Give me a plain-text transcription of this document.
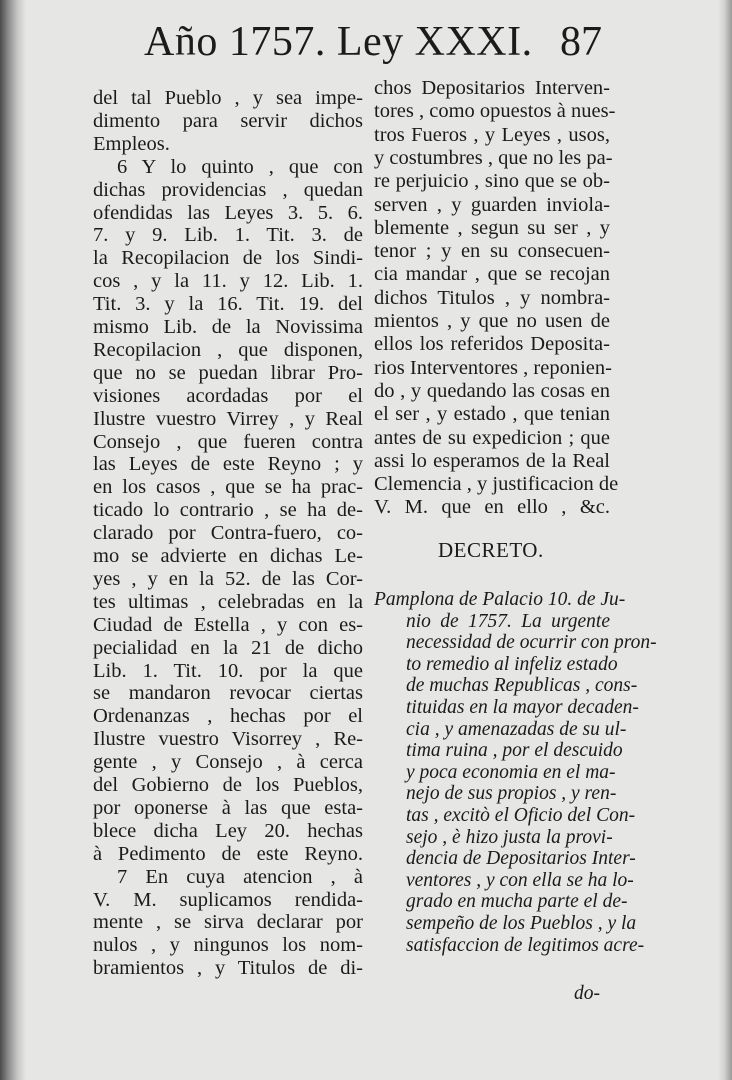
Año 1757. Ley XXXI. 87
del tal Pueblo , y sea impe-
dimento para servir dichos
Empleos.
6 Y lo quinto , que con
dichas providencias , quedan
ofendidas las Leyes 3. 5. 6.
7. y 9. Lib. 1. Tit. 3. de
la Recopilacion de los Sindi-
cos , y la 11. y 12. Lib. 1.
Tit. 3. y la 16. Tit. 19. del
mismo Lib. de la Novissima
Recopilacion , que disponen,
que no se puedan librar Pro-
visiones acordadas por el
Ilustre vuestro Virrey , y Real
Consejo , que fueren contra
las Leyes de este Reyno ; y
en los casos , que se ha prac-
ticado lo contrario , se ha de-
clarado por Contra-fuero, co-
mo se advierte en dichas Le-
yes , y en la 52. de las Cor-
tes ultimas , celebradas en la
Ciudad de Estella , y con es-
pecialidad en la 21 de dicho
Lib. 1. Tit. 10. por la que
se mandaron revocar ciertas
Ordenanzas , hechas por el
Ilustre vuestro Visorrey , Re-
gente , y Consejo , à cerca
del Gobierno de los Pueblos,
por oponerse à las que esta-
blece dicha Ley 20. hechas
à Pedimento de este Reyno.
7 En cuya atencion , à
V. M. suplicamos rendida-
mente , se sirva declarar por
nulos , y ningunos los nom-
bramientos , y Titulos de di-
chos Depositarios Interven-
tores , como opuestos à nues-
tros Fueros , y Leyes , usos,
y costumbres , que no les pa-
re perjuicio , sino que se ob-
serven , y guarden inviola-
blemente , segun su ser , y
tenor ; y en su consecuen-
cia mandar , que se recojan
dichos Titulos , y nombra-
mientos , y que no usen de
ellos los referidos Deposita-
rios Interventores , reponien-
do , y quedando las cosas en
el ser , y estado , que tenian
antes de su expedicion ; que
assi lo esperamos de la Real
Clemencia , y justificacion de
V. M. que en ello , &c.
DECRETO.
Pamplona de Palacio 10. de Ju-
nio de 1757. La urgente
necessidad de ocurrir con pron-
to remedio al infeliz estado
de muchas Republicas , cons-
tituidas en la mayor decaden-
cia , y amenazadas de su ul-
tima ruina , por el descuido
y poca economia en el ma-
nejo de sus propios , y ren-
tas , excitò el Oficio del Con-
sejo , è hizo justa la provi-
dencia de Depositarios Inter-
ventores , y con ella se ha lo-
grado en mucha parte el de-
sempeño de los Pueblos , y la
satisfaccion de legitimos acre-
do-
